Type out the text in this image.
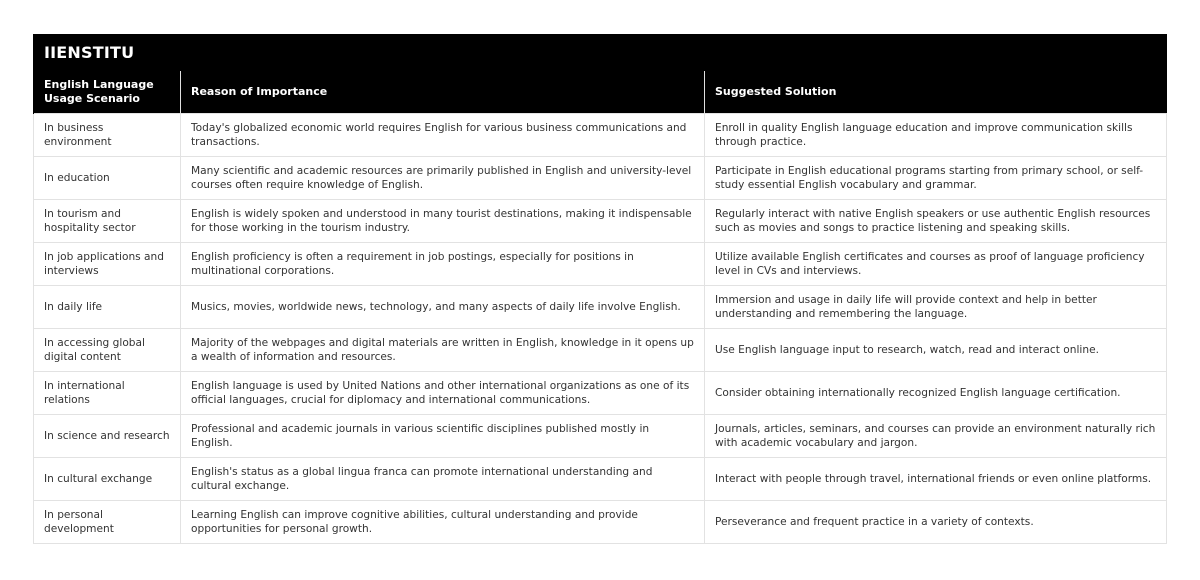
IIENSTITU		
English Language Usage Scenario	Reason of Importance	Suggested Solution
In business environment	Today's globalized economic world requires English for various business communications and transactions.	Enroll in quality English language education and improve communication skills through practice.
In education	Many scientific and academic resources are primarily published in English and university-level courses often require knowledge of English.	Participate in English educational programs starting from primary school, or self-study essential English vocabulary and grammar.
In tourism and hospitality sector	English is widely spoken and understood in many tourist destinations, making it indispensable for those working in the tourism industry.	Regularly interact with native English speakers or use authentic English resources such as movies and songs to practice listening and speaking skills.
In job applications and interviews	English proficiency is often a requirement in job postings, especially for positions in multinational corporations.	Utilize available English certificates and courses as proof of language proficiency level in CVs and interviews.
In daily life	Musics, movies, worldwide news, technology, and many aspects of daily life involve English.	Immersion and usage in daily life will provide context and help in better understanding and remembering the language.
In accessing global digital content	Majority of the webpages and digital materials are written in English, knowledge in it opens up a wealth of information and resources.	Use English language input to research, watch, read and interact online.
In international relations	English language is used by United Nations and other international organizations as one of its official languages, crucial for diplomacy and international communications.	Consider obtaining internationally recognized English language certification.
In science and research	Professional and academic journals in various scientific disciplines published mostly in English.	Journals, articles, seminars, and courses can provide an environment naturally rich with academic vocabulary and jargon.
In cultural exchange	English's status as a global lingua franca can promote international understanding and cultural exchange.	Interact with people through travel, international friends or even online platforms.
In personal development	Learning English can improve cognitive abilities, cultural understanding and provide opportunities for personal growth.	Perseverance and frequent practice in a variety of contexts.
